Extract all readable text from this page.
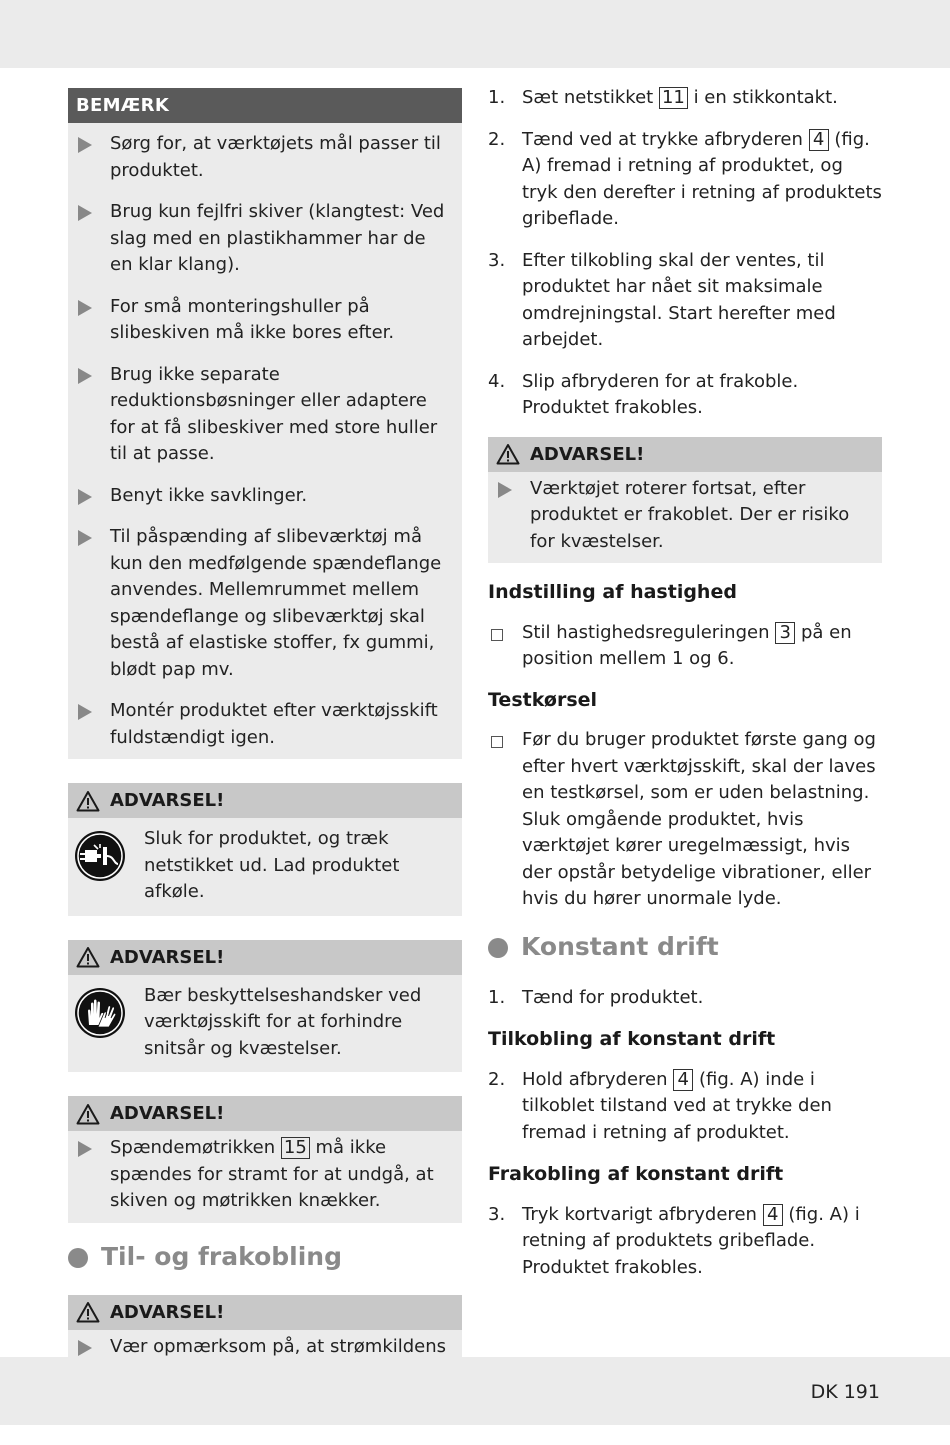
BEMÆRK
Sørg for, at værktøjets mål passer til produktet.
Brug kun fejlfri skiver (klangtest: Ved slag med en plastikhammer har de en klar klang).
For små monteringshuller på slibeskiven må ikke bores efter.
Brug ikke separate reduktionsbøsninger eller adaptere for at få slibeskiver med store huller til at passe.
Benyt ikke savklinger.
Til påspænding af slibeværktøj må kun den medfølgende spændeflange anvendes. Mellemrummet mellem spændeflange og slibeværktøj skal bestå af elastiske stoffer, fx gummi, blødt pap mv.
Montér produktet efter værktøjsskift fuldstændigt igen.
ADVARSEL!
Sluk for produktet, og træk netstikket ud. Lad produktet afkøle.
ADVARSEL!
Bær beskyttelseshandsker ved værktøjsskift for at forhindre snitsår og kvæstelser.
ADVARSEL!
Spændemøtrikken 15 må ikke spændes for stramt for at undgå, at skiven og møtrikken knækker.
Til- og frakobling
ADVARSEL!
Vær opmærksom på, at strømkildens
1. Sæt netstikket 11 i en stikkontakt.
2. Tænd ved at trykke afbryderen 4 (fig. A) fremad i retning af produktet, og tryk den derefter i retning af produktets gribeflade.
3. Efter tilkobling skal der ventes, til produktet har nået sit maksimale omdrejningstal. Start herefter med arbejdet.
4. Slip afbryderen for at frakoble. Produktet frakobles.
ADVARSEL!
Værktøjet roterer fortsat, efter produktet er frakoblet. Der er risiko for kvæstelser.
Indstilling af hastighed
Stil hastighedsreguleringen 3 på en position mellem 1 og 6.
Testkørsel
Før du bruger produktet første gang og efter hvert værktøjsskift, skal der laves en testkørsel, som er uden belastning. Sluk omgående produktet, hvis værktøjet kører uregelmæssigt, hvis der opstår betydelige vibrationer, eller hvis du hører unormale lyde.
Konstant drift
1. Tænd for produktet.
Tilkobling af konstant drift
2. Hold afbryderen 4 (fig. A) inde i tilkoblet tilstand ved at trykke den fremad i retning af produktet.
Frakobling af konstant drift
3. Tryk kortvarigt afbryderen 4 (fig. A) i retning af produktets gribeflade. Produktet frakobles.
DK 191
